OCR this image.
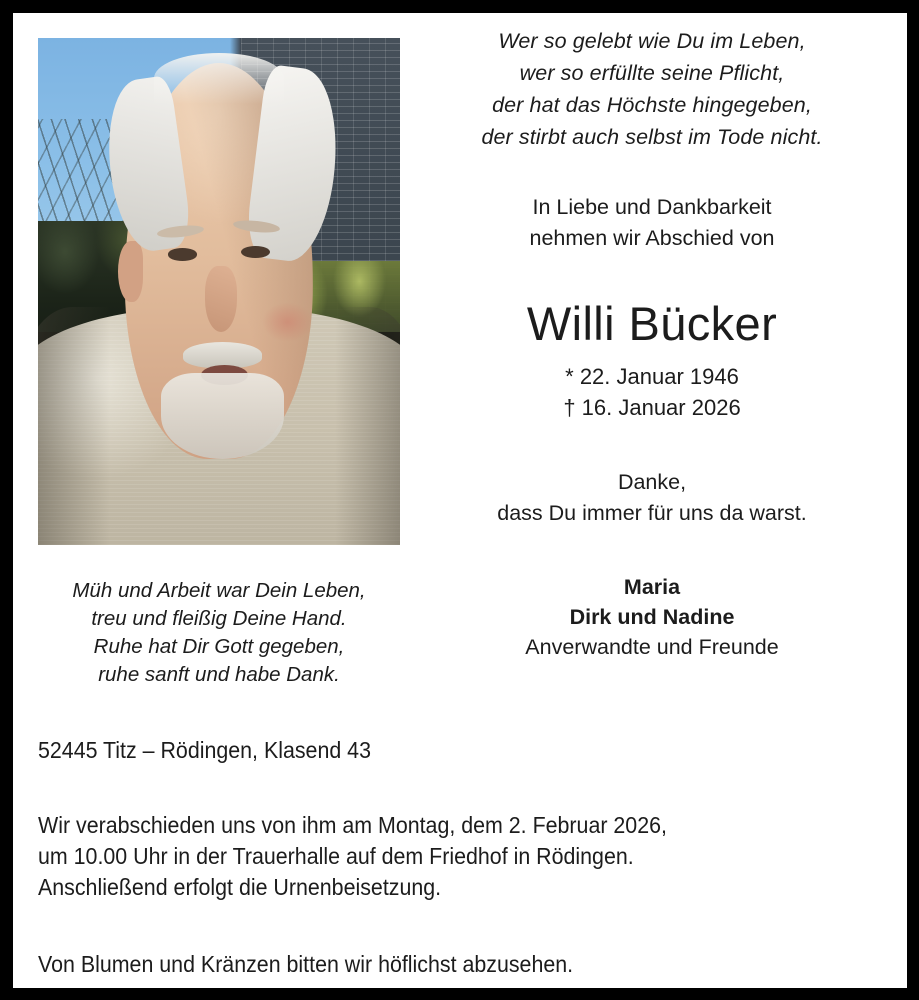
Wer so gelebt wie Du im Leben,
wer so erfüllte seine Pflicht,
der hat das Höchste hingegeben,
der stirbt auch selbst im Tode nicht.
In Liebe und Dankbarkeit
nehmen wir Abschied von
Willi Bücker
* 22. Januar 1946
† 16. Januar 2026
Danke,
dass Du immer für uns da warst.
Maria
Dirk und Nadine
Anverwandte und Freunde
Müh und Arbeit war Dein Leben,
treu und fleißig Deine Hand.
Ruhe hat Dir Gott gegeben,
ruhe sanft und habe Dank.
52445 Titz – Rödingen, Klasend 43
Wir verabschieden uns von ihm am Montag, dem 2. Februar 2026,
um 10.00 Uhr in der Trauerhalle auf dem Friedhof in Rödingen.
Anschließend erfolgt die Urnenbeisetzung.
Von Blumen und Kränzen bitten wir höflichst abzusehen.
